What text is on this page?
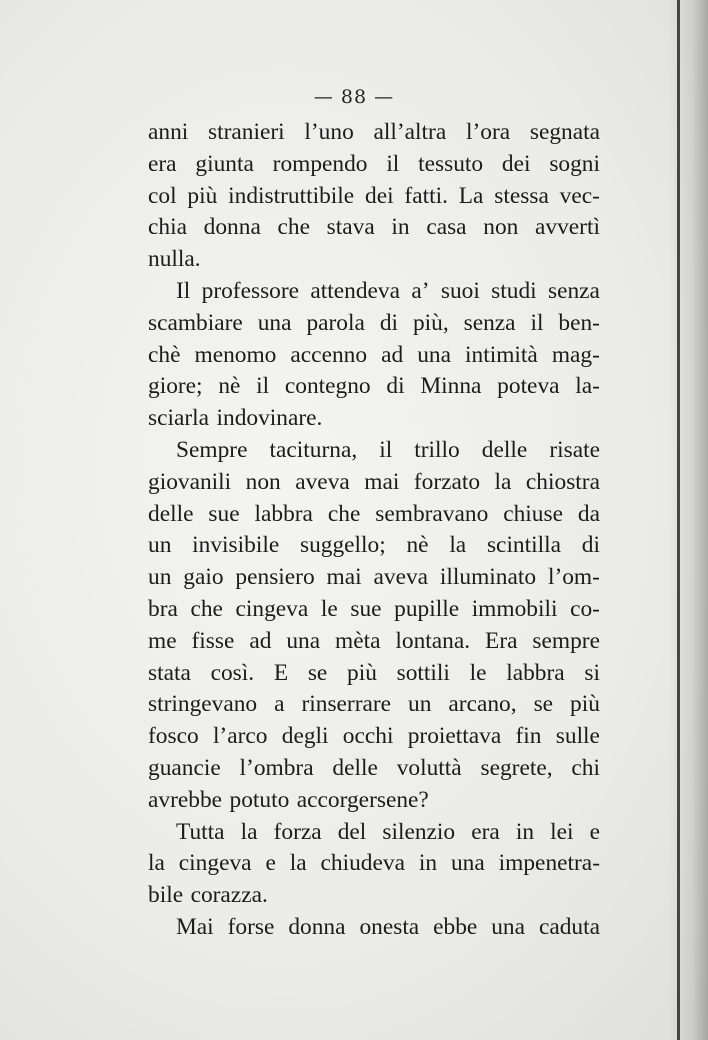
— 88 —
anni stranieri l’uno all’altra l’ora segnata
era giunta rompendo il tessuto dei sogni
col più indistruttibile dei fatti. La stessa vec-
chia donna che stava in casa non avvertì
nulla.
Il professore attendeva a’ suoi studi senza
scambiare una parola di più, senza il ben-
chè menomo accenno ad una intimità mag-
giore; nè il contegno di Minna poteva la-
sciarla indovinare.
Sempre taciturna, il trillo delle risate
giovanili non aveva mai forzato la chiostra
delle sue labbra che sembravano chiuse da
un invisibile suggello; nè la scintilla di
un gaio pensiero mai aveva illuminato l’om-
bra che cingeva le sue pupille immobili co-
me fisse ad una mèta lontana. Era sempre
stata così. E se più sottili le labbra si
stringevano a rinserrare un arcano, se più
fosco l’arco degli occhi proiettava fin sulle
guancie l’ombra delle voluttà segrete, chi
avrebbe potuto accorgersene?
Tutta la forza del silenzio era in lei e
la cingeva e la chiudeva in una impenetra-
bile corazza.
Mai forse donna onesta ebbe una caduta
